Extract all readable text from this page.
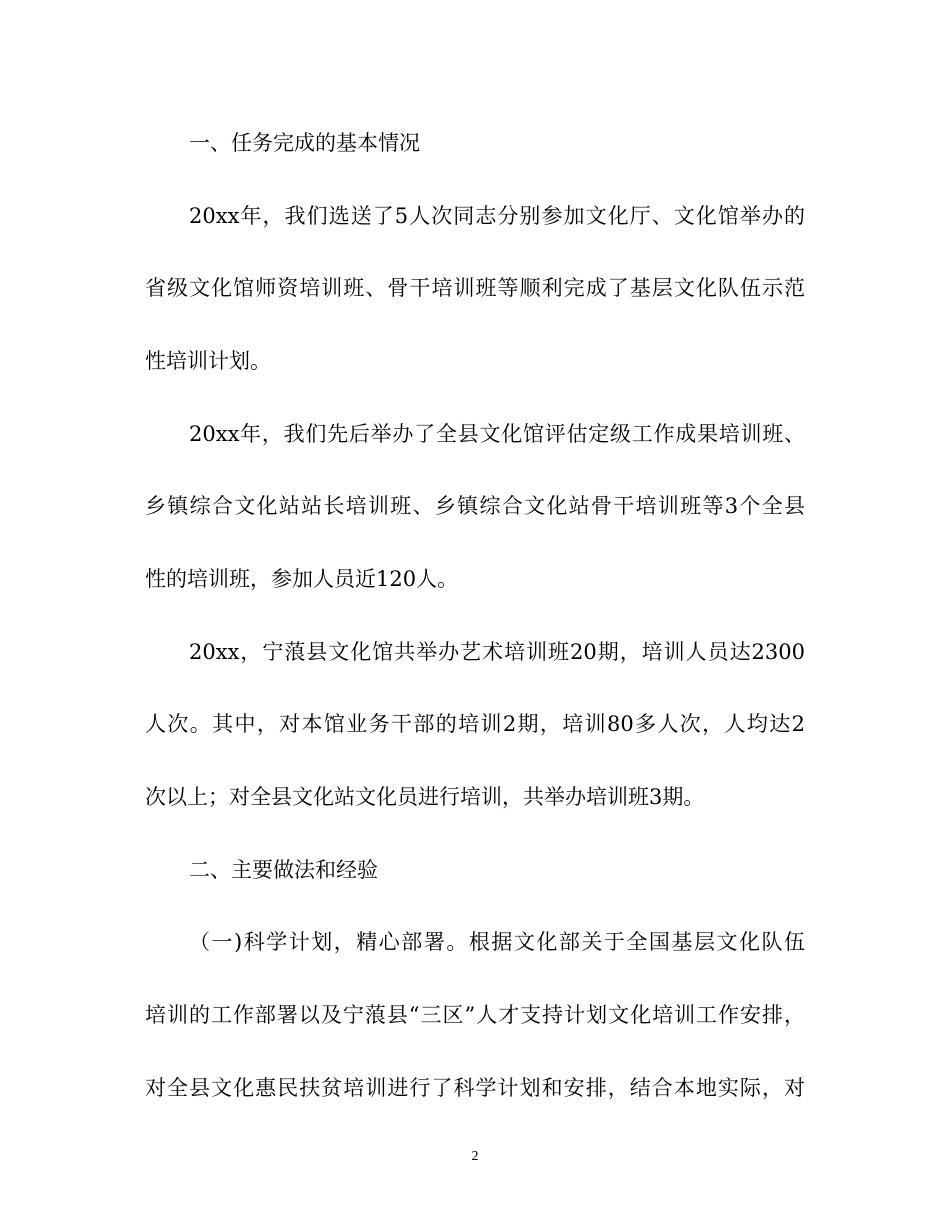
一、任务完成的基本情况
20xx年，我们选送了5人次同志分别参加文化厅、文化馆举办的
省级文化馆师资培训班、骨干培训班等顺利完成了基层文化队伍示范
性培训计划。
20xx年，我们先后举办了全县文化馆评估定级工作成果培训班、
乡镇综合文化站站长培训班、乡镇综合文化站骨干培训班等3个全县
性的培训班，参加人员近120人。
20xx，宁蒗县文化馆共举办艺术培训班20期，培训人员达2300
人次。其中，对本馆业务干部的培训2期，培训80多人次，人均达2
次以上；对全县文化站文化员进行培训，共举办培训班3期。
二、主要做法和经验
（一)科学计划，精心部署。根据文化部关于全国基层文化队伍
培训的工作部署以及宁蒗县“三区”人才支持计划文化培训工作安排，
对全县文化惠民扶贫培训进行了科学计划和安排，结合本地实际，对
2
